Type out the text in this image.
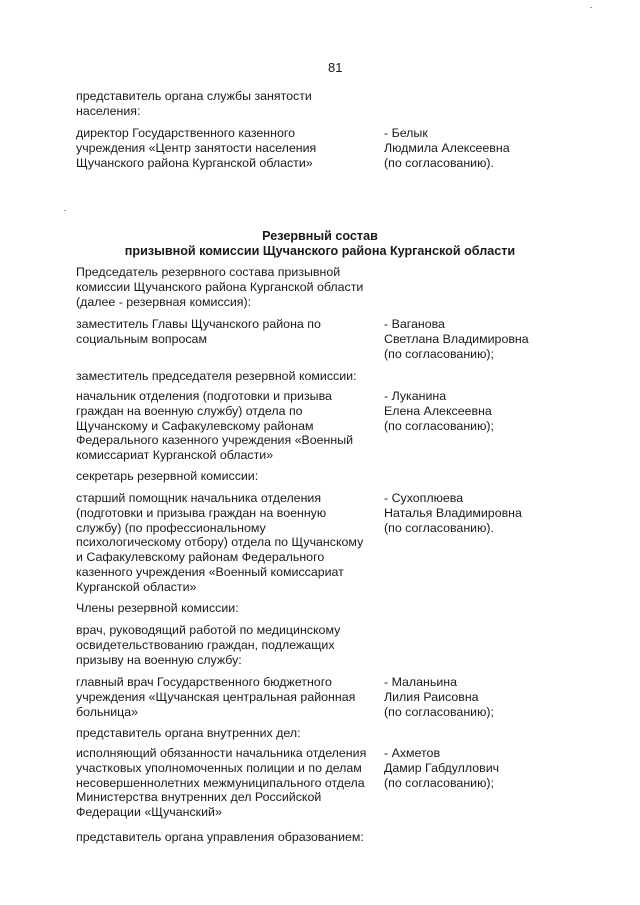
81
представитель органа службы занятости
населения:
директор Государственного казенного
учреждения «Центр занятости населения
Щучанского района Курганской области»
- Белык
Людмила Алексеевна
(по согласованию).
Резервный состав
призывной комиссии Щучанского района Курганской области
Председатель резервного состава призывной
комиссии Щучанского района Курганской области
(далее - резервная комиссия):
заместитель Главы Щучанского района по
социальным вопросам
- Ваганова
Светлана Владимировна
(по согласованию);
заместитель председателя резервной комиссии:
начальник отделения (подготовки и призыва
граждан на военную службу) отдела по
Щучанскому и Сафакулевскому районам
Федерального казенного учреждения «Военный
комиссариат Курганской области»
- Луканина
Елена Алексеевна
(по согласованию);
секретарь резервной комиссии:
старший помощник начальника отделения
(подготовки и призыва граждан на военную
службу) (по профессиональному
психологическому отбору) отдела по Щучанскому
и Сафакулевскому районам Федерального
казенного учреждения «Военный комиссариат
Курганской области»
- Сухоплюева
Наталья Владимировна
(по согласованию).
Члены резервной комиссии:
врач, руководящий работой по медицинскому
освидетельствованию граждан, подлежащих
призыву на военную службу:
главный врач Государственного бюджетного
учреждения «Щучанская центральная районная
больница»
- Маланьина
Лилия Раисовна
(по согласованию);
представитель органа внутренних дел:
исполняющий обязанности начальника отделения
участковых уполномоченных полиции и по делам
несовершеннолетних межмуниципального отдела
Министерства внутренних дел Российской
Федерации «Щучанский»
- Ахметов
Дамир Габдуллович
(по согласованию);
представитель органа управления образованием:
